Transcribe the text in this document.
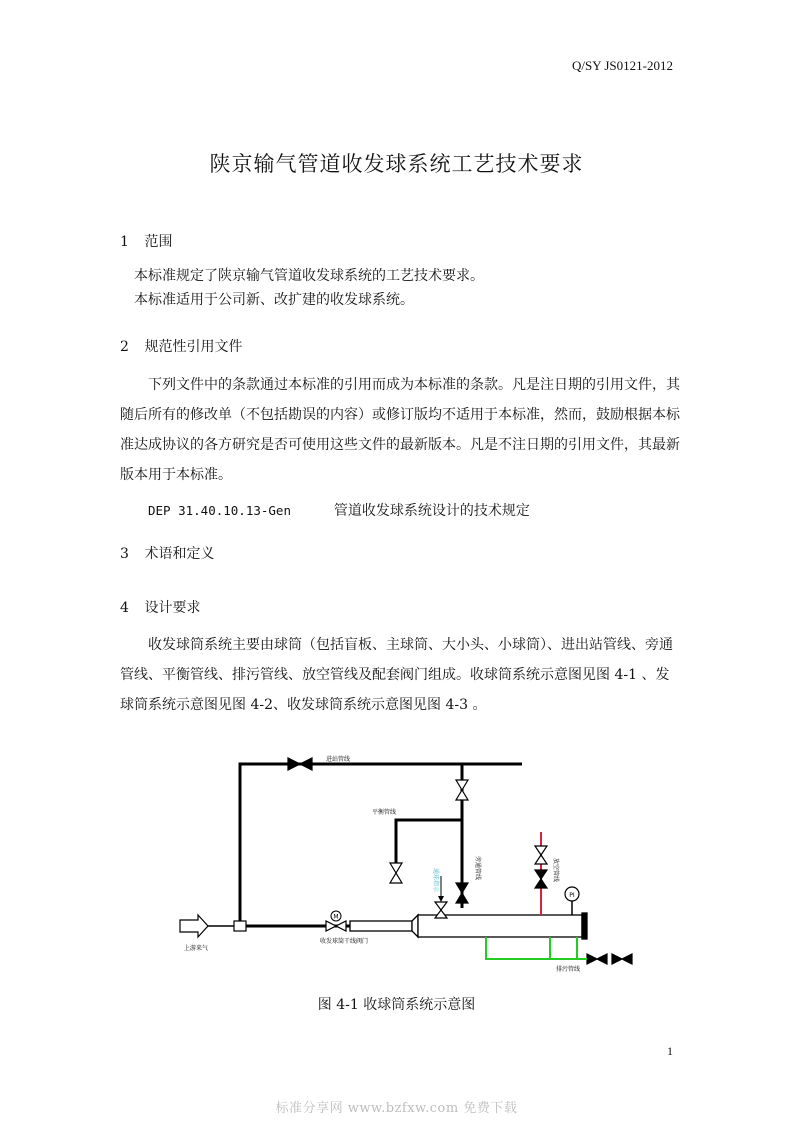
Q/SY JS0121-2012
陕京输气管道收发球系统工艺技术要求
1 范围
本标准规定了陕京输气管道收发球系统的工艺技术要求。
本标准适用于公司新、改扩建的收发球系统。
2 规范性引用文件
下列文件中的条款通过本标准的引用而成为本标准的条款。凡是注日期的引用文件，其
随后所有的修改单（不包括勘误的内容）或修订版均不适用于本标准，然而，鼓励根据本标
准达成协议的各方研究是否可使用这些文件的最新版本。凡是不注日期的引用文件，其最新
版本用于本标准。
DEP 31.40.10.13-Gen	管道收发球系统设计的技术规定
3 术语和定义
4 设计要求
收发球筒系统主要由球筒（包括盲板、主球筒、大小头、小球筒）、进出站管线、旁通
管线、平衡管线、排污管线、放空管线及配套阀门组成。收球筒系统示意图见图 4-1 、发
球筒系统示意图见图 4-2、收发球筒系统示意图见图 4-3 。
PI
M
进站管线
平衡管线
旁通管线	放空管线
通球指示
上游来气
收发球筒干线阀门
排污管线
图 4-1 收球筒系统示意图
1
标准分享网 www.bzfxw.com 免费下载
